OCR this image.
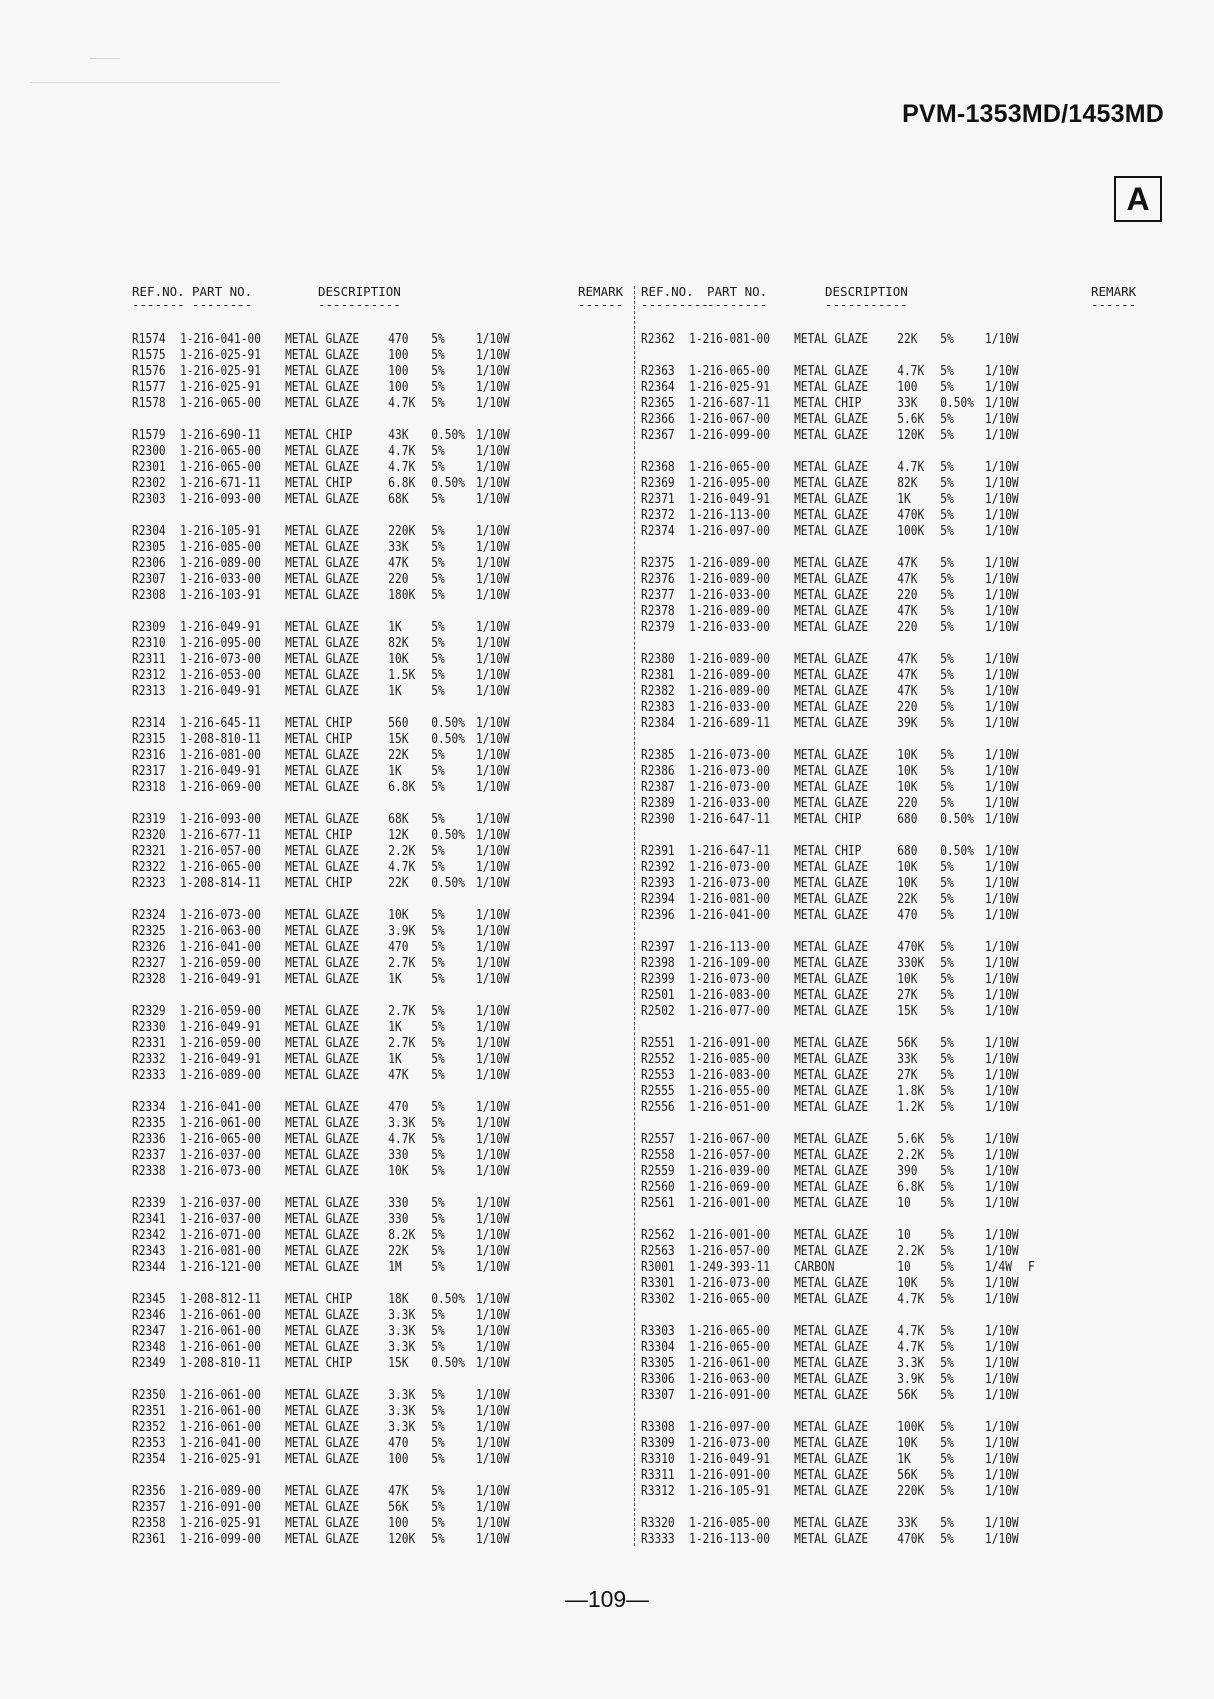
PVM-1353MD/1453MD
A
REF.NO. PART NO.	DESCRIPTION	REMARK
------- --------	-----------	------
R1574	1-216-041-00	METAL GLAZE	470	5%	1/10W
R1575	1-216-025-91	METAL GLAZE	100	5%	1/10W
R1576	1-216-025-91	METAL GLAZE	100	5%	1/10W
R1577	1-216-025-91	METAL GLAZE	100	5%	1/10W
R1578	1-216-065-00	METAL GLAZE	4.7K	5%	1/10W
R1579	1-216-690-11	METAL CHIP	43K	0.50% 1/10W
R2300	1-216-065-00	METAL GLAZE	4.7K	5%	1/10W
R2301	1-216-065-00	METAL GLAZE	4.7K	5%	1/10W
R2302	1-216-671-11	METAL CHIP	6.8K	0.50% 1/10W
R2303	1-216-093-00	METAL GLAZE	68K	5%	1/10W
R2304	1-216-105-91	METAL GLAZE	220K	5%	1/10W
R2305	1-216-085-00	METAL GLAZE	33K	5%	1/10W
R2306	1-216-089-00	METAL GLAZE	47K	5%	1/10W
R2307	1-216-033-00	METAL GLAZE	220	5%	1/10W
R2308	1-216-103-91	METAL GLAZE	180K	5%	1/10W
R2309	1-216-049-91	METAL GLAZE	1K	5%	1/10W
R2310	1-216-095-00	METAL GLAZE	82K	5%	1/10W
R2311	1-216-073-00	METAL GLAZE	10K	5%	1/10W
R2312	1-216-053-00	METAL GLAZE	1.5K	5%	1/10W
R2313	1-216-049-91	METAL GLAZE	1K	5%	1/10W
R2314	1-216-645-11	METAL CHIP	560	0.50% 1/10W
R2315	1-208-810-11	METAL CHIP	15K	0.50% 1/10W
R2316	1-216-081-00	METAL GLAZE	22K	5%	1/10W
R2317	1-216-049-91	METAL GLAZE	1K	5%	1/10W
R2318	1-216-069-00	METAL GLAZE	6.8K	5%	1/10W
R2319	1-216-093-00	METAL GLAZE	68K	5%	1/10W
R2320	1-216-677-11	METAL CHIP	12K	0.50% 1/10W
R2321	1-216-057-00	METAL GLAZE	2.2K	5%	1/10W
R2322	1-216-065-00	METAL GLAZE	4.7K	5%	1/10W
R2323	1-208-814-11	METAL CHIP	22K	0.50% 1/10W
R2324	1-216-073-00	METAL GLAZE	10K	5%	1/10W
R2325	1-216-063-00	METAL GLAZE	3.9K	5%	1/10W
R2326	1-216-041-00	METAL GLAZE	470	5%	1/10W
R2327	1-216-059-00	METAL GLAZE	2.7K	5%	1/10W
R2328	1-216-049-91	METAL GLAZE	1K	5%	1/10W
R2329	1-216-059-00	METAL GLAZE	2.7K	5%	1/10W
R2330	1-216-049-91	METAL GLAZE	1K	5%	1/10W
R2331	1-216-059-00	METAL GLAZE	2.7K	5%	1/10W
R2332	1-216-049-91	METAL GLAZE	1K	5%	1/10W
R2333	1-216-089-00	METAL GLAZE	47K	5%	1/10W
R2334	1-216-041-00	METAL GLAZE	470	5%	1/10W
R2335	1-216-061-00	METAL GLAZE	3.3K	5%	1/10W
R2336	1-216-065-00	METAL GLAZE	4.7K	5%	1/10W
R2337	1-216-037-00	METAL GLAZE	330	5%	1/10W
R2338	1-216-073-00	METAL GLAZE	10K	5%	1/10W
R2339	1-216-037-00	METAL GLAZE	330	5%	1/10W
R2341	1-216-037-00	METAL GLAZE	330	5%	1/10W
R2342	1-216-071-00	METAL GLAZE	8.2K	5%	1/10W
R2343	1-216-081-00	METAL GLAZE	22K	5%	1/10W
R2344	1-216-121-00	METAL GLAZE	1M	5%	1/10W
R2345	1-208-812-11	METAL CHIP	18K	0.50% 1/10W
R2346	1-216-061-00	METAL GLAZE	3.3K	5%	1/10W
R2347	1-216-061-00	METAL GLAZE	3.3K	5%	1/10W
R2348	1-216-061-00	METAL GLAZE	3.3K	5%	1/10W
R2349	1-208-810-11	METAL CHIP	15K	0.50% 1/10W
R2350	1-216-061-00	METAL GLAZE	3.3K	5%	1/10W
R2351	1-216-061-00	METAL GLAZE	3.3K	5%	1/10W
R2352	1-216-061-00	METAL GLAZE	3.3K	5%	1/10W
R2353	1-216-041-00	METAL GLAZE	470	5%	1/10W
R2354	1-216-025-91	METAL GLAZE	100	5%	1/10W
R2356	1-216-089-00	METAL GLAZE	47K	5%	1/10W
R2357	1-216-091-00	METAL GLAZE	56K	5%	1/10W
R2358	1-216-025-91	METAL GLAZE	100	5%	1/10W
R2361	1-216-099-00	METAL GLAZE	120K	5%	1/10W
REF.NO. PART NO.	DESCRIPTION	REMARK
---------
--------	-----------	------
R2362	1-216-081-00	METAL GLAZE	22K	5%	1/10W
R2363	1-216-065-00	METAL GLAZE	4.7K	5%	1/10W
R2364	1-216-025-91	METAL GLAZE	100	5%	1/10W
R2365	1-216-687-11	METAL CHIP	33K	0.50% 1/10W
R2366	1-216-067-00	METAL GLAZE	5.6K	5%	1/10W
R2367	1-216-099-00	METAL GLAZE	120K	5%	1/10W
R2368	1-216-065-00	METAL GLAZE	4.7K	5%	1/10W
R2369	1-216-095-00	METAL GLAZE	82K	5%	1/10W
R2371	1-216-049-91	METAL GLAZE	1K	5%	1/10W
R2372	1-216-113-00	METAL GLAZE	470K	5%	1/10W
R2374	1-216-097-00	METAL GLAZE	100K	5%	1/10W
R2375	1-216-089-00	METAL GLAZE	47K	5%	1/10W
R2376	1-216-089-00	METAL GLAZE	47K	5%	1/10W
R2377	1-216-033-00	METAL GLAZE	220	5%	1/10W
R2378	1-216-089-00	METAL GLAZE	47K	5%	1/10W
R2379	1-216-033-00	METAL GLAZE	220	5%	1/10W
R2380	1-216-089-00	METAL GLAZE	47K	5%	1/10W
R2381	1-216-089-00	METAL GLAZE	47K	5%	1/10W
R2382	1-216-089-00	METAL GLAZE	47K	5%	1/10W
R2383	1-216-033-00	METAL GLAZE	220	5%	1/10W
R2384	1-216-689-11	METAL GLAZE	39K	5%	1/10W
R2385	1-216-073-00	METAL GLAZE	10K	5%	1/10W
R2386	1-216-073-00	METAL GLAZE	10K	5%	1/10W
R2387	1-216-073-00	METAL GLAZE	10K	5%	1/10W
R2389	1-216-033-00	METAL GLAZE	220	5%	1/10W
R2390	1-216-647-11	METAL CHIP	680	0.50% 1/10W
R2391	1-216-647-11	METAL CHIP	680	0.50% 1/10W
R2392	1-216-073-00	METAL GLAZE	10K	5%	1/10W
R2393	1-216-073-00	METAL GLAZE	10K	5%	1/10W
R2394	1-216-081-00	METAL GLAZE	22K	5%	1/10W
R2396	1-216-041-00	METAL GLAZE	470	5%	1/10W
R2397	1-216-113-00	METAL GLAZE	470K	5%	1/10W
R2398	1-216-109-00	METAL GLAZE	330K	5%	1/10W
R2399	1-216-073-00	METAL GLAZE	10K	5%	1/10W
R2501	1-216-083-00	METAL GLAZE	27K	5%	1/10W
R2502	1-216-077-00	METAL GLAZE	15K	5%	1/10W
R2551	1-216-091-00	METAL GLAZE	56K	5%	1/10W
R2552	1-216-085-00	METAL GLAZE	33K	5%	1/10W
R2553	1-216-083-00	METAL GLAZE	27K	5%	1/10W
R2555	1-216-055-00	METAL GLAZE	1.8K	5%	1/10W
R2556	1-216-051-00	METAL GLAZE	1.2K	5%	1/10W
R2557	1-216-067-00	METAL GLAZE	5.6K	5%	1/10W
R2558	1-216-057-00	METAL GLAZE	2.2K	5%	1/10W
R2559	1-216-039-00	METAL GLAZE	390	5%	1/10W
R2560	1-216-069-00	METAL GLAZE	6.8K	5%	1/10W
R2561	1-216-001-00	METAL GLAZE	10	5%	1/10W
R2562	1-216-001-00	METAL GLAZE	10	5%	1/10W
R2563	1-216-057-00	METAL GLAZE	2.2K	5%	1/10W
R3001	1-249-393-11	CARBON	10	5%	1/4W	F
R3301	1-216-073-00	METAL GLAZE	10K	5%	1/10W
R3302	1-216-065-00	METAL GLAZE	4.7K	5%	1/10W
R3303	1-216-065-00	METAL GLAZE	4.7K	5%	1/10W
R3304	1-216-065-00	METAL GLAZE	4.7K	5%	1/10W
R3305	1-216-061-00	METAL GLAZE	3.3K	5%	1/10W
R3306	1-216-063-00	METAL GLAZE	3.9K	5%	1/10W
R3307	1-216-091-00	METAL GLAZE	56K	5%	1/10W
R3308	1-216-097-00	METAL GLAZE	100K	5%	1/10W
R3309	1-216-073-00	METAL GLAZE	10K	5%	1/10W
R3310	1-216-049-91	METAL GLAZE	1K	5%	1/10W
R3311	1-216-091-00	METAL GLAZE	56K	5%	1/10W
R3312	1-216-105-91	METAL GLAZE	220K	5%	1/10W
R3320	1-216-085-00	METAL GLAZE	33K	5%	1/10W
R3333	1-216-113-00	METAL GLAZE	470K	5%	1/10W
—109—
